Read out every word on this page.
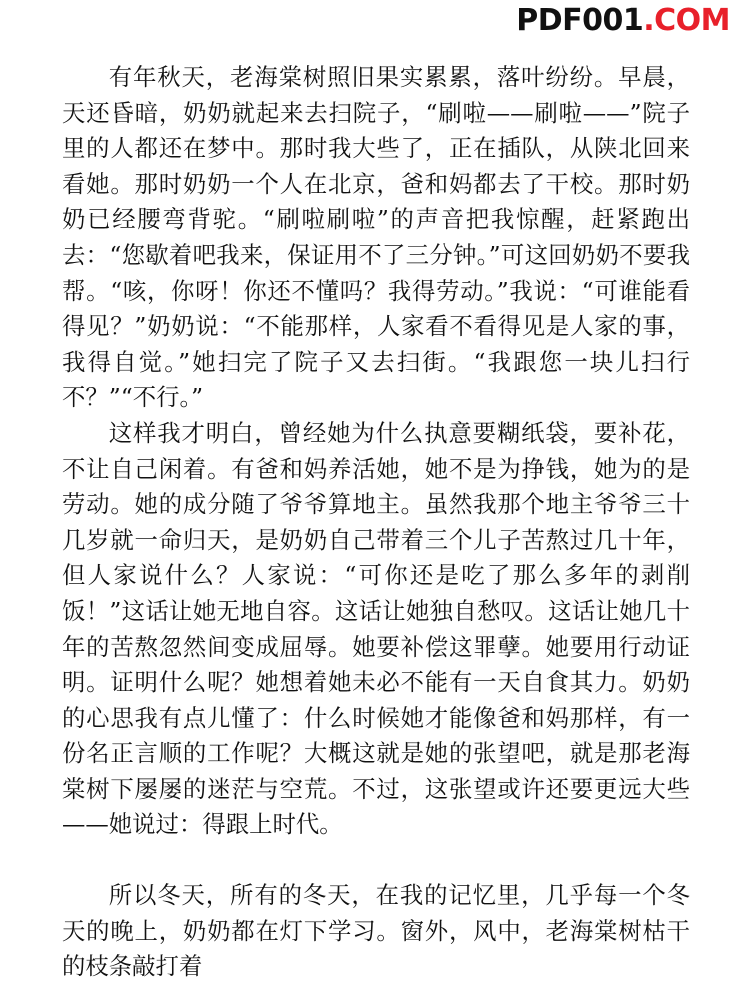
PDF001.COM

有年秋天，老海棠树照旧果实累累，落叶纷纷。早晨，天还昏暗，奶奶就起来去扫院子，“刷啦——刷啦——”院子里的人都还在梦中。那时我大些了，正在插队，从陕北回来看她。那时奶奶一个人在北京，爸和妈都去了干校。那时奶奶已经腰弯背驼。“刷啦刷啦”的声音把我惊醒，赶紧跑出去：“您歇着吧我来，保证用不了三分钟。”可这回奶奶不要我帮。“咳，你呀！你还不懂吗？我得劳动。”我说：“可谁能看得见？”奶奶说：“不能那样，人家看不看得见是人家的事，我得自觉。”她扫完了院子又去扫街。“我跟您一块儿扫行不？”“不行。”

这样我才明白，曾经她为什么执意要糊纸袋，要补花，不让自己闲着。有爸和妈养活她，她不是为挣钱，她为的是劳动。她的成分随了爷爷算地主。虽然我那个地主爷爷三十几岁就一命归天，是奶奶自己带着三个儿子苦熬过几十年，但人家说什么？人家说：“可你还是吃了那么多年的剥削饭！”这话让她无地自容。这话让她独自愁叹。这话让她几十年的苦熬忽然间变成屈辱。她要补偿这罪孽。她要用行动证明。证明什么呢？她想着她未必不能有一天自食其力。奶奶的心思我有点儿懂了：什么时候她才能像爸和妈那样，有一份名正言顺的工作呢？大概这就是她的张望吧，就是那老海棠树下屡屡的迷茫与空荒。不过，这张望或许还要更远大些——她说过：得跟上时代。

所以冬天，所有的冬天，在我的记忆里，几乎每一个冬天的晚上，奶奶都在灯下学习。窗外，风中，老海棠树枯干的枝条敲打着
